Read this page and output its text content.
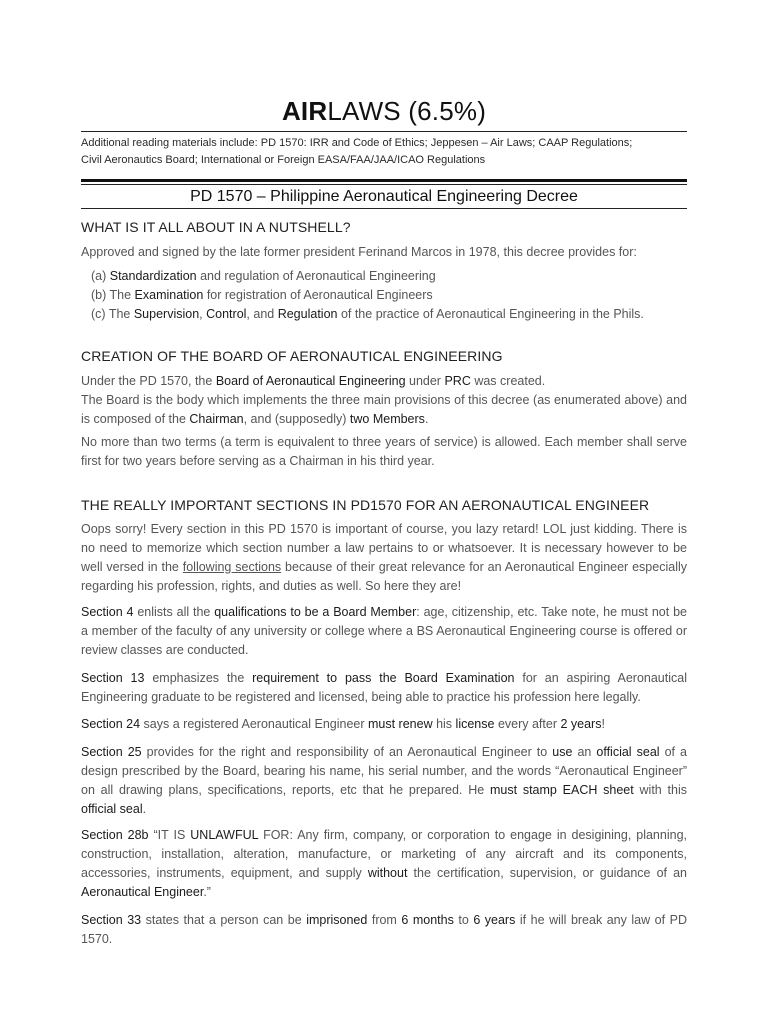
AIRLAWS (6.5%)
Additional reading materials include: PD 1570: IRR and Code of Ethics; Jeppesen – Air Laws; CAAP Regulations;
Civil Aeronautics Board; International or Foreign EASA/FAA/JAA/ICAO Regulations
PD 1570 – Philippine Aeronautical Engineering Decree
WHAT IS IT ALL ABOUT IN A NUTSHELL?
Approved and signed by the late former president Ferinand Marcos in 1978, this decree provides for:
(a) Standardization and regulation of Aeronautical Engineering
(b) The Examination for registration of Aeronautical Engineers
(c) The Supervision, Control, and Regulation of the practice of Aeronautical Engineering in the Phils.
CREATION OF THE BOARD OF AERONAUTICAL ENGINEERING
Under the PD 1570, the Board of Aeronautical Engineering under PRC was created.
The Board is the body which implements the three main provisions of this decree (as enumerated above) and is composed of the Chairman, and (supposedly) two Members.
No more than two terms (a term is equivalent to three years of service) is allowed. Each member shall serve first for two years before serving as a Chairman in his third year.
THE REALLY IMPORTANT SECTIONS IN PD1570 FOR AN AERONAUTICAL ENGINEER
Oops sorry! Every section in this PD 1570 is important of course, you lazy retard! LOL just kidding. There is no need to memorize which section number a law pertains to or whatsoever. It is necessary however to be well versed in the following sections because of their great relevance for an Aeronautical Engineer especially regarding his profession, rights, and duties as well. So here they are!
Section 4 enlists all the qualifications to be a Board Member: age, citizenship, etc. Take note, he must not be a member of the faculty of any university or college where a BS Aeronautical Engineering course is offered or review classes are conducted.
Section 13 emphasizes the requirement to pass the Board Examination for an aspiring Aeronautical Engineering graduate to be registered and licensed, being able to practice his profession here legally.
Section 24 says a registered Aeronautical Engineer must renew his license every after 2 years!
Section 25 provides for the right and responsibility of an Aeronautical Engineer to use an official seal of a design prescribed by the Board, bearing his name, his serial number, and the words “Aeronautical Engineer” on all drawing plans, specifications, reports, etc that he prepared. He must stamp EACH sheet with this official seal.
Section 28b “IT IS UNLAWFUL FOR: Any firm, company, or corporation to engage in desigining, planning, construction, installation, alteration, manufacture, or marketing of any aircraft and its components, accessories, instruments, equipment, and supply without the certification, supervision, or guidance of an Aeronautical Engineer.”
Section 33 states that a person can be imprisoned from 6 months to 6 years if he will break any law of PD 1570.
